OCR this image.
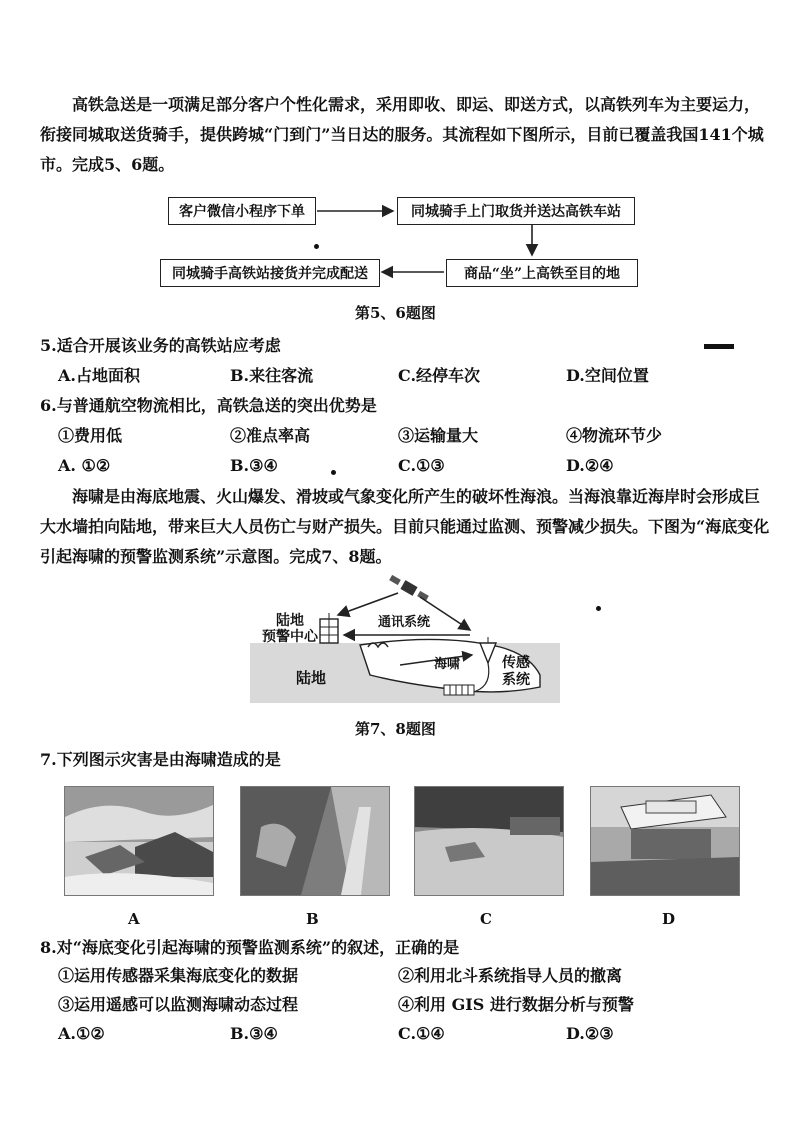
高铁急送是一项满足部分客户个性化需求，采用即收、即运、即送方式，以高铁列车为主要运力，衔接同城取送货骑手，提供跨城“门到门”当日达的服务。其流程如下图所示，目前已覆盖我国141个城市。完成5、6题。
客户微信小程序下单	同城骑手上门取货并送达高铁车站
商品“坐”上高铁至目的地
同城骑手高铁站接货并完成配送
第5、6题图
5.适合开展该业务的高铁站应考虑
A.占地面积	B.来往客流	C.经停车次	D.空间位置
6.与普通航空物流相比，高铁急送的突出优势是
①费用低	②准点率高	③运输量大	④物流环节少
A. ①②	B.③④	C.①③	D.②④
海啸是由海底地震、火山爆发、滑坡或气象变化所产生的破坏性海浪。当海浪靠近海岸时会形成巨大水墙拍向陆地，带来巨大人员伤亡与财产损失。目前只能通过监测、预警减少损失。下图为“海底变化引起海啸的预警监测系统”示意图。完成7、8题。
陆地
预警中心
通讯系统
陆地
海啸	传感
系统
第7、8题图
7.下列图示灾害是由海啸造成的是
A	B	C	D
8.对“海底变化引起海啸的预警监测系统”的叙述，正确的是
①运用传感器采集海底变化的数据	②利用北斗系统指导人员的撤离
③运用遥感可以监测海啸动态过程	④利用 GIS 进行数据分析与预警
A.①②	B.③④	C.①④	D.②③
